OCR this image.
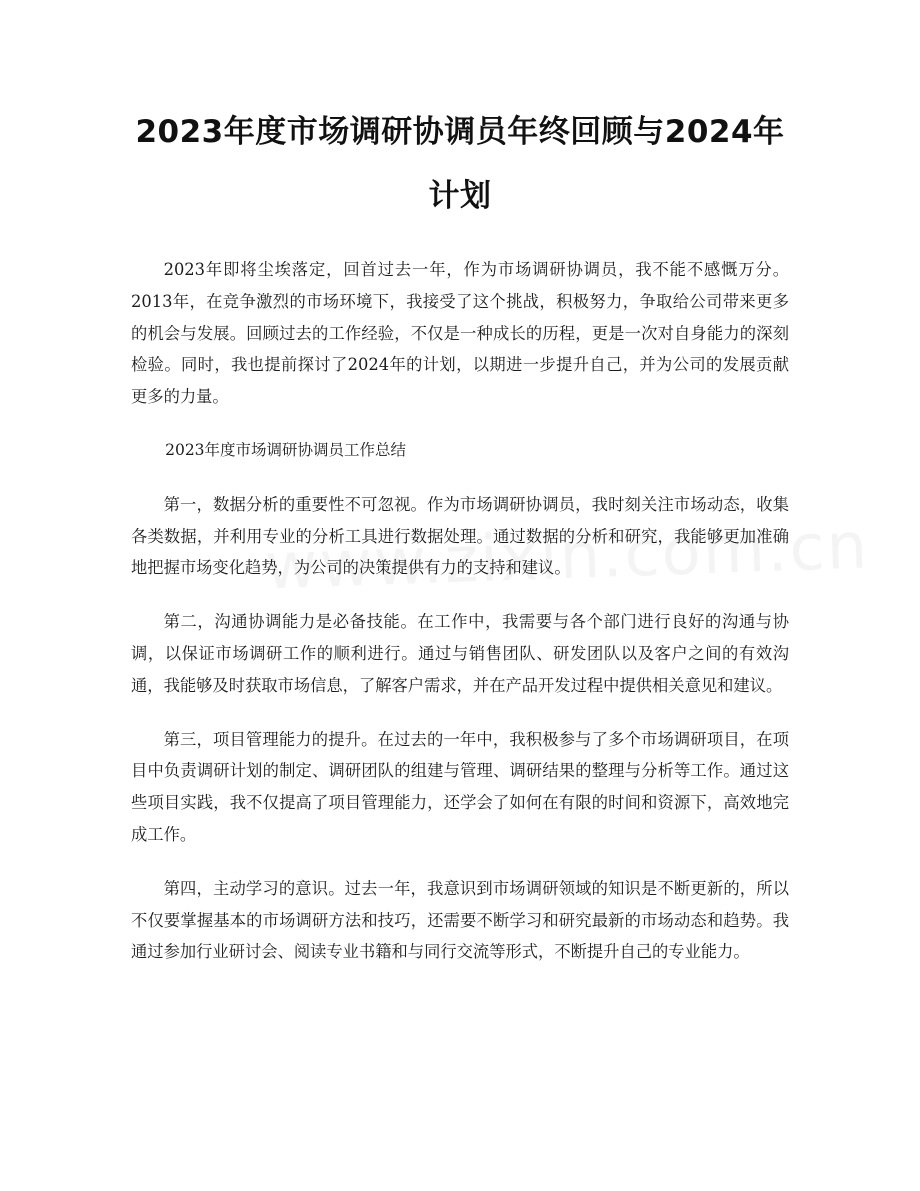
2023年度市场调研协调员年终回顾与2024年计划

2023年即将尘埃落定，回首过去一年，作为市场调研协调员，我不能不感慨万分。2013年，在竞争激烈的市场环境下，我接受了这个挑战，积极努力，争取给公司带来更多的机会与发展。回顾过去的工作经验，不仅是一种成长的历程，更是一次对自身能力的深刻检验。同时，我也提前探讨了2024年的计划，以期进一步提升自己，并为公司的发展贡献更多的力量。

2023年度市场调研协调员工作总结

第一，数据分析的重要性不可忽视。作为市场调研协调员，我时刻关注市场动态，收集各类数据，并利用专业的分析工具进行数据处理。通过数据的分析和研究，我能够更加准确地把握市场变化趋势，为公司的决策提供有力的支持和建议。

第二，沟通协调能力是必备技能。在工作中，我需要与各个部门进行良好的沟通与协调，以保证市场调研工作的顺利进行。通过与销售团队、研发团队以及客户之间的有效沟通，我能够及时获取市场信息，了解客户需求，并在产品开发过程中提供相关意见和建议。

第三，项目管理能力的提升。在过去的一年中，我积极参与了多个市场调研项目，在项目中负责调研计划的制定、调研团队的组建与管理、调研结果的整理与分析等工作。通过这些项目实践，我不仅提高了项目管理能力，还学会了如何在有限的时间和资源下，高效地完成工作。

第四，主动学习的意识。过去一年，我意识到市场调研领域的知识是不断更新的，所以不仅要掌握基本的市场调研方法和技巧，还需要不断学习和研究最新的市场动态和趋势。我通过参加行业研讨会、阅读专业书籍和与同行交流等形式，不断提升自己的专业能力。
